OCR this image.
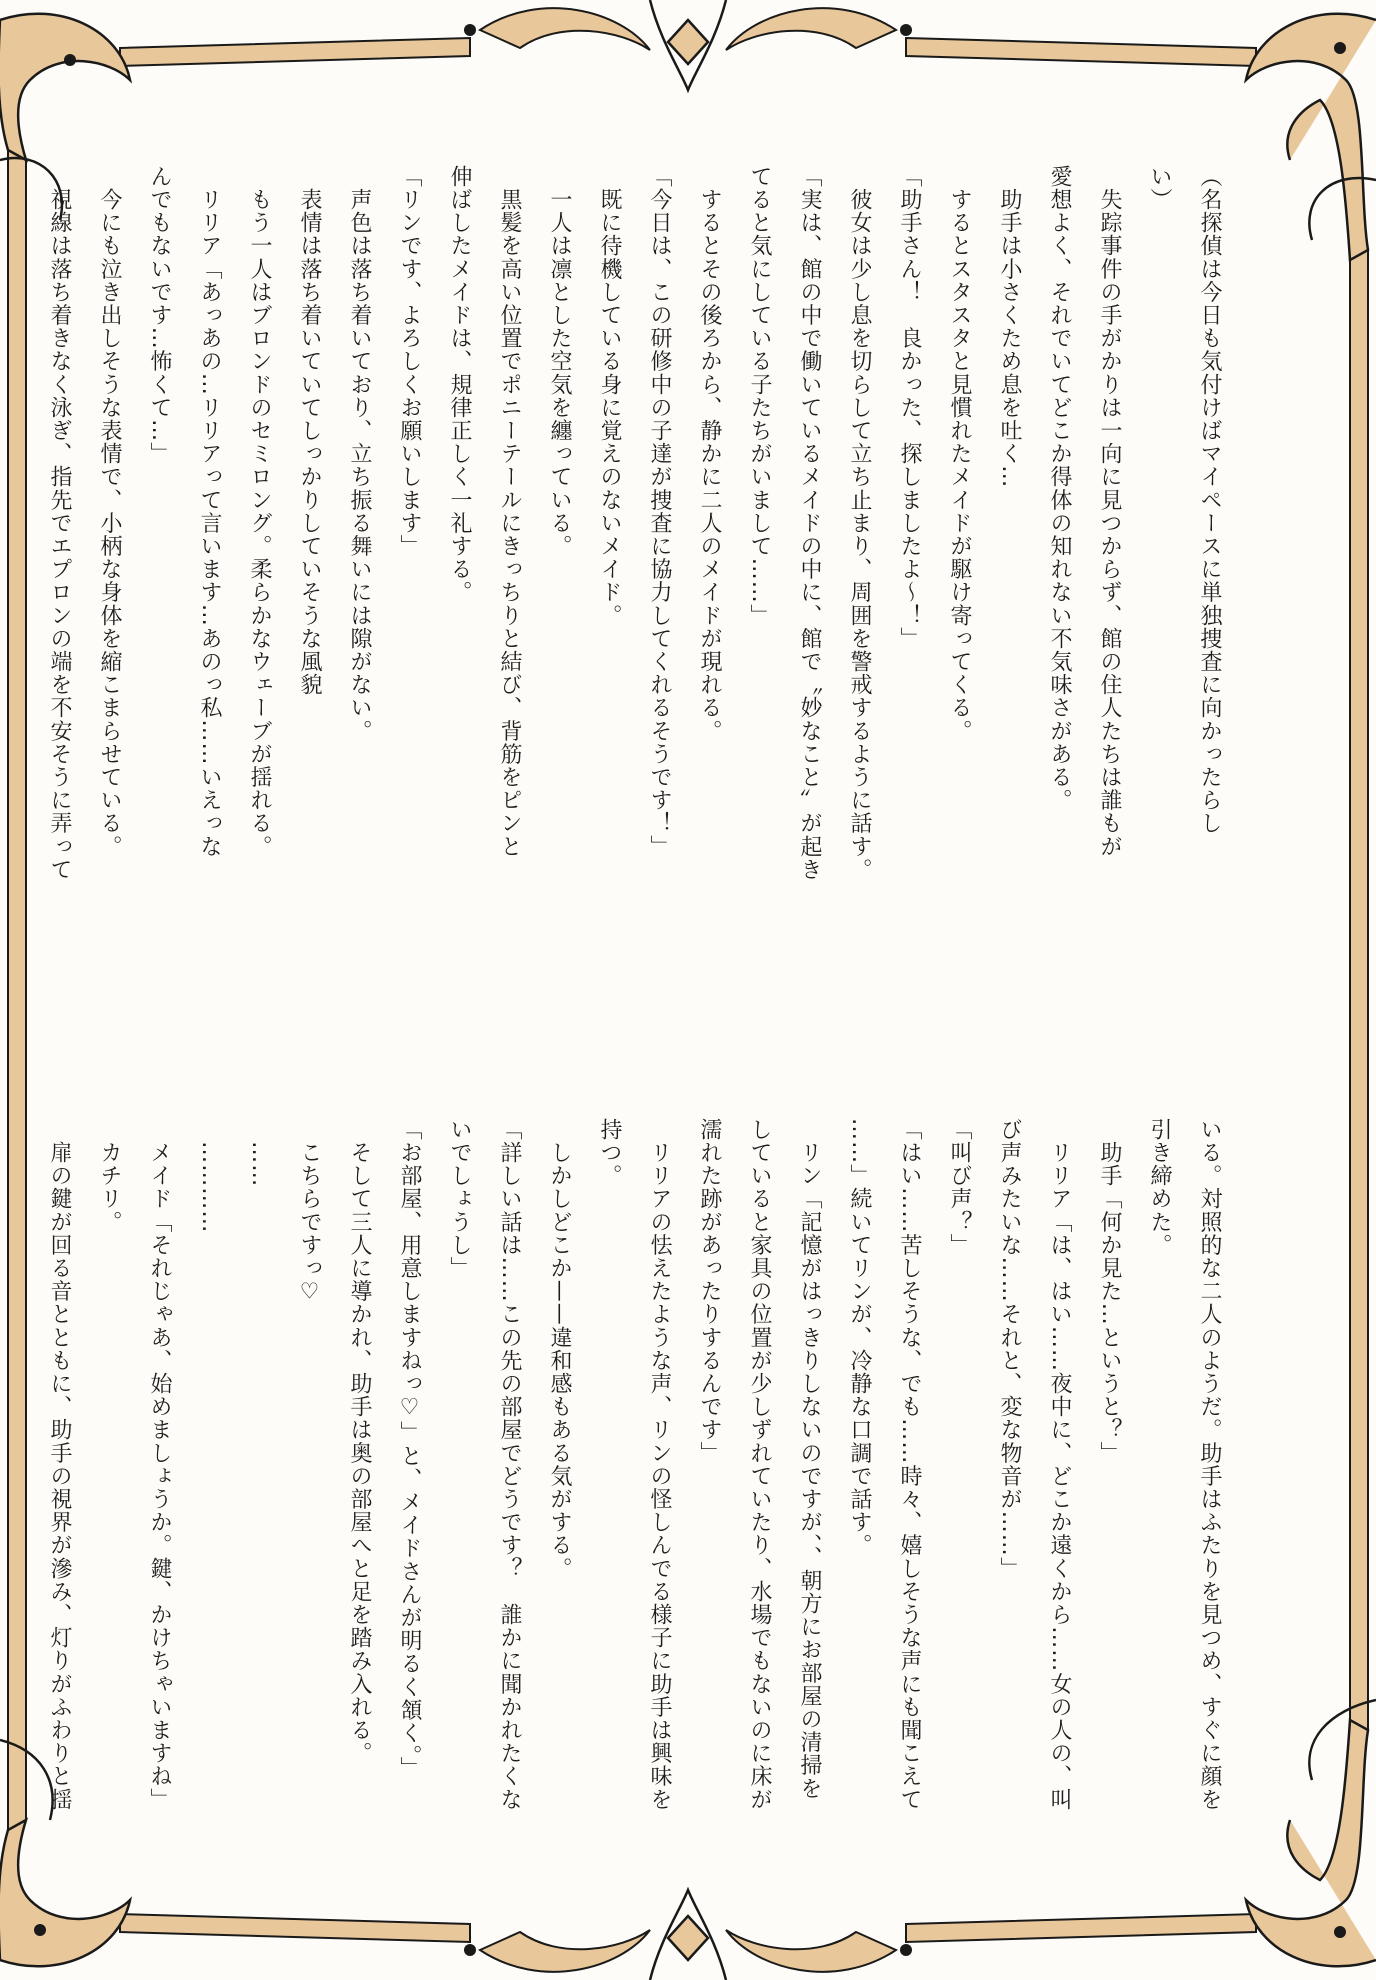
（名探偵は今日も気付けばマイペースに単独捜査に向かったらし

い）

　失踪事件の手がかりは一向に見つからず、館の住人たちは誰もが

愛想よく、それでいてどこか得体の知れない不気味さがある。

　助手は小さくため息を吐く…

　するとスタスタと見慣れたメイドが駆け寄ってくる。

「助手さん！　良かった、探しましたよ〜！」

　彼女は少し息を切らして立ち止まり、周囲を警戒するように話す。

「実は、館の中で働いているメイドの中に、館で〝妙なこと〟が起き

てると気にしている子たちがいまして……」

　するとその後ろから、静かに二人のメイドが現れる。

「今日は、この研修中の子達が捜査に協力してくれるそうです！」

　既に待機している身に覚えのないメイド。

　一人は凛とした空気を纏っている。

　黒髪を高い位置でポニーテールにきっちりと結び、背筋をピンと

伸ばしたメイドは、規律正しく一礼する。

「リンです、よろしくお願いします」

　声色は落ち着いており、立ち振る舞いには隙がない。

　表情は落ち着いていてしっかりしていそうな風貌

　もう一人はブロンドのセミロング。柔らかなウェーブが揺れる。

　リリア「あっあの…リリアって言います…あのっ私……いえっな

んでもないです…怖くて…」

　今にも泣き出しそうな表情で、小柄な身体を縮こまらせている。

　視線は落ち着きなく泳ぎ、指先でエプロンの端を不安そうに弄って

いる。対照的な二人のようだ。助手はふたりを見つめ、すぐに顔を

引き締めた。

　助手「何か見た…というと？」

　リリア「は、はい……夜中に、どこか遠くから……女の人の、叫

び声みたいな……それと、変な物音が……」

「叫び声？」

「はい……苦しそうな、でも……時々、嬉しそうな声にも聞こえて

……」続いてリンが、冷静な口調で話す。

　リン「記憶がはっきりしないのですが、、朝方にお部屋の清掃を

していると家具の位置が少しずれていたり、水場でもないのに床が

濡れた跡があったりするんです」

　リリアの怯えたような声、リンの怪しんでる様子に助手は興味を

持つ。

　しかしどこか——違和感もある気がする。

「詳しい話は……この先の部屋でどうです？　誰かに聞かれたくな

いでしょうし」

「お部屋、用意しますねっ♡」と、メイドさんが明るく頷く。」

　そして三人に導かれ、助手は奥の部屋へと足を踏み入れる。

　こちらですっ♡

　……

　…………

　メイド「それじゃあ、始めましょうか。鍵、かけちゃいますね」

　カチリ。

　扉の鍵が回る音とともに、助手の視界が滲み、灯りがふわりと揺
